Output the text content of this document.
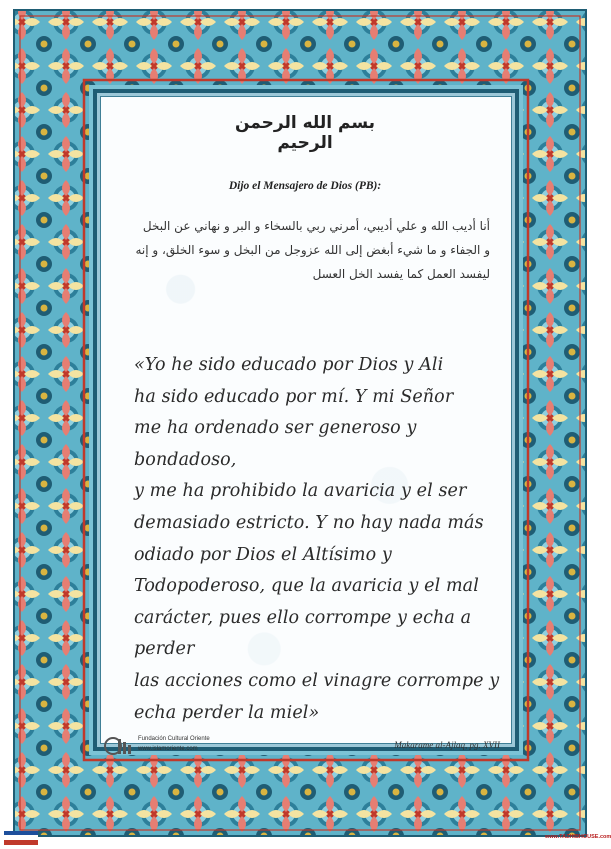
بسم الله الرحمن الرحيم
Dijo el Mensajero de Dios (PB):
أنا أديب الله و علي أديبي، أمرني ربي بالسخاء و البر و نهاني عن البخل
و الجفاء و ما شيء أبغض إلى الله عزوجل من البخل و سوء الخلق، و إنه
ليفسد العمل كما يفسد الخل العسل
«Yo he sido educado por Dios y Ali
ha sido educado por mí. Y mi Señor
me ha ordenado ser generoso y bondadoso,
y me ha prohibido la avaricia y el ser
demasiado estricto. Y no hay nada más
odiado por Dios el Altísimo y
Todopoderoso, que la avaricia y el mal
carácter, pues ello corrompe y echa a perder
las acciones como el vinagre corrompe y
echa perder la miel»
Fundación Cultural Oriente
www.islamoriente.com	Makarame al-Ajlaq, pg. XVII
www.TAZHIBHOUSE.com
